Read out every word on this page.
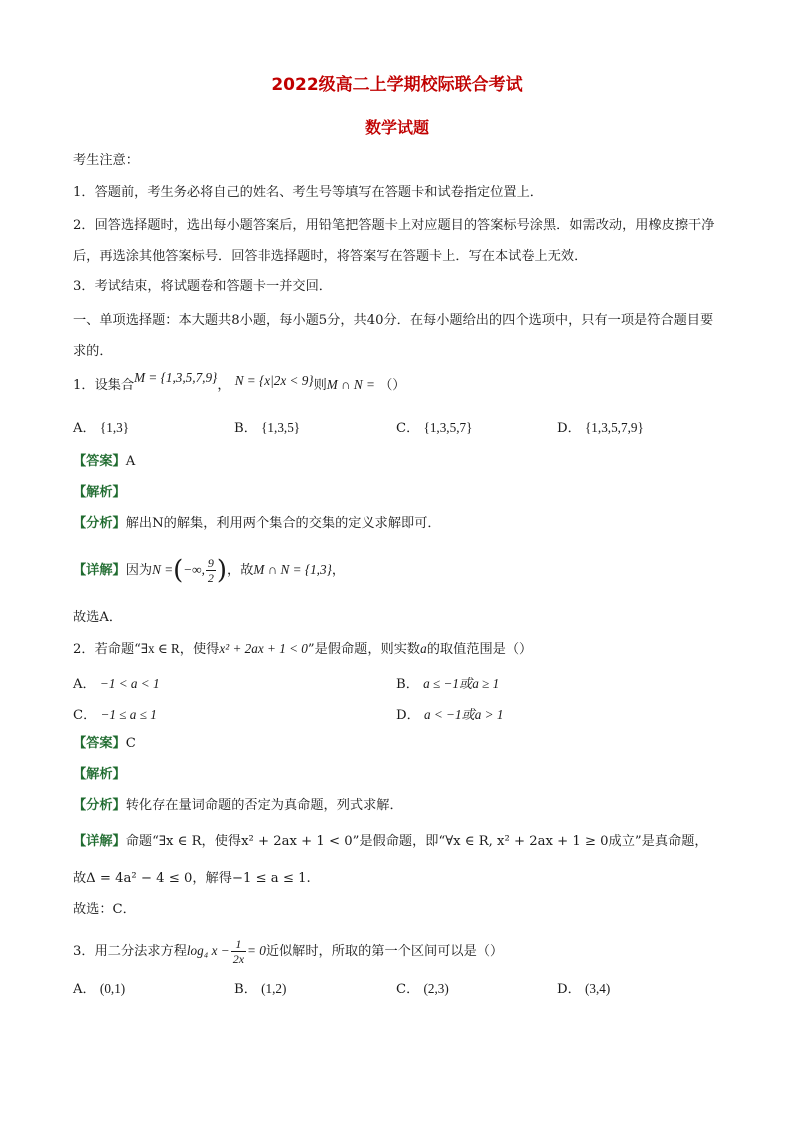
2022级高二上学期校际联合考试
数学试题
考生注意：
1．答题前，考生务必将自己的姓名、考生号等填写在答题卡和试卷指定位置上．
2．回答选择题时，选出每小题答案后，用铅笔把答题卡上对应题目的答案标号涂黑．如需改动，用橡皮擦干净后，再选涂其他答案标号．回答非选择题时，将答案写在答题卡上．写在本试卷上无效．
3．考试结束，将试题卷和答题卡一并交回．
一、单项选择题：本大题共8小题，每小题5分，共40分．在每小题给出的四个选项中，只有一项是符合题目要求的．
1．设集合M = {1,3,5,7,9}， N = {x|2x < 9}则M ∩ N = （）
A． {1,3}	B． {1,3,5}	C． {1,3,5,7}	D． {1,3,5,7,9}
【答案】A
【解析】
【分析】解出N的解集，利用两个集合的交集的定义求解即可．
【详解】因为N =(−∞, $\frac{9}{2}$ )，故M ∩ N = {1,3}，
故选A．
2．若命题“∃x ∈ R，使得x² + 2ax + 1 < 0”是假命题，则实数a的取值范围是（）
A． −1 < a < 1	B． a ≤ −1或a ≥ 1
C． −1 ≤ a ≤ 1	D． a < −1或a > 1
【答案】C
【解析】
【分析】转化存在量词命题的否定为真命题，列式求解．
【详解】命题“∃x ∈ R，使得x² + 2ax + 1 < 0”是假命题，即“∀x ∈ R, x² + 2ax + 1 ≥ 0成立”是真命题，
故Δ = 4a² − 4 ≤ 0，解得−1 ≤ a ≤ 1.
故选：C．
3．用二分法求方程log₄ $x - \frac{1}{2x} = 0$近似解时，所取的第一个区间可以是（）
A． (0,1)	B． (1,2)	C． (2,3)	D． (3,4)
